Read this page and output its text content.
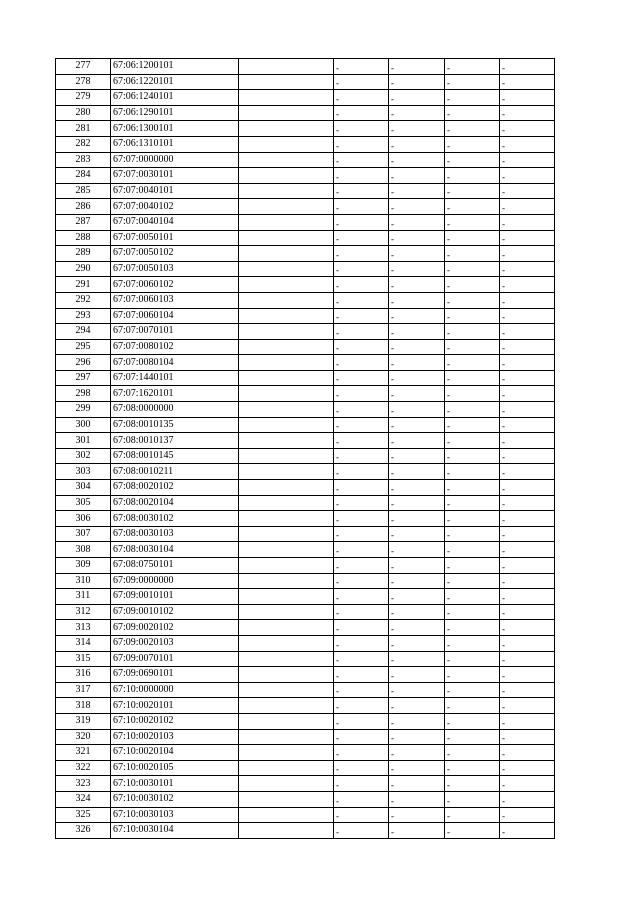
277	67:06:1200101		-	-	-	-
278	67:06:1220101		-	-	-	-
279	67:06:1240101		-	-	-	-
280	67:06:1290101		-	-	-	-
281	67:06:1300101		-	-	-	-
282	67:06:1310101		-	-	-	-
283	67:07:0000000		-	-	-	-
284	67:07:0030101		-	-	-	-
285	67:07:0040101		-	-	-	-
286	67:07:0040102		-	-	-	-
287	67:07:0040104		-	-	-	-
288	67:07:0050101		-	-	-	-
289	67:07:0050102		-	-	-	-
290	67:07:0050103		-	-	-	-
291	67:07:0060102		-	-	-	-
292	67:07:0060103		-	-	-	-
293	67:07:0060104		-	-	-	-
294	67:07:0070101		-	-	-	-
295	67:07:0080102		-	-	-	-
296	67:07:0080104		-	-	-	-
297	67:07:1440101		-	-	-	-
298	67:07:1620101		-	-	-	-
299	67:08:0000000		-	-	-	-
300	67:08:0010135		-	-	-	-
301	67:08:0010137		-	-	-	-
302	67:08:0010145		-	-	-	-
303	67:08:0010211		-	-	-	-
304	67:08:0020102		-	-	-	-
305	67:08:0020104		-	-	-	-
306	67:08:0030102		-	-	-	-
307	67:08:0030103		-	-	-	-
308	67:08:0030104		-	-	-	-
309	67:08:0750101		-	-	-	-
310	67:09:0000000		-	-	-	-
311	67:09:0010101		-	-	-	-
312	67:09:0010102		-	-	-	-
313	67:09:0020102		-	-	-	-
314	67:09:0020103		-	-	-	-
315	67:09:0070101		-	-	-	-
316	67:09:0690101		-	-	-	-
317	67:10:0000000		-	-	-	-
318	67:10:0020101		-	-	-	-
319	67:10:0020102		-	-	-	-
320	67:10:0020103		-	-	-	-
321	67:10:0020104		-	-	-	-
322	67:10:0020105		-	-	-	-
323	67:10:0030101		-	-	-	-
324	67:10:0030102		-	-	-	-
325	67:10:0030103		-	-	-	-
326	67:10:0030104		-	-	-	-
